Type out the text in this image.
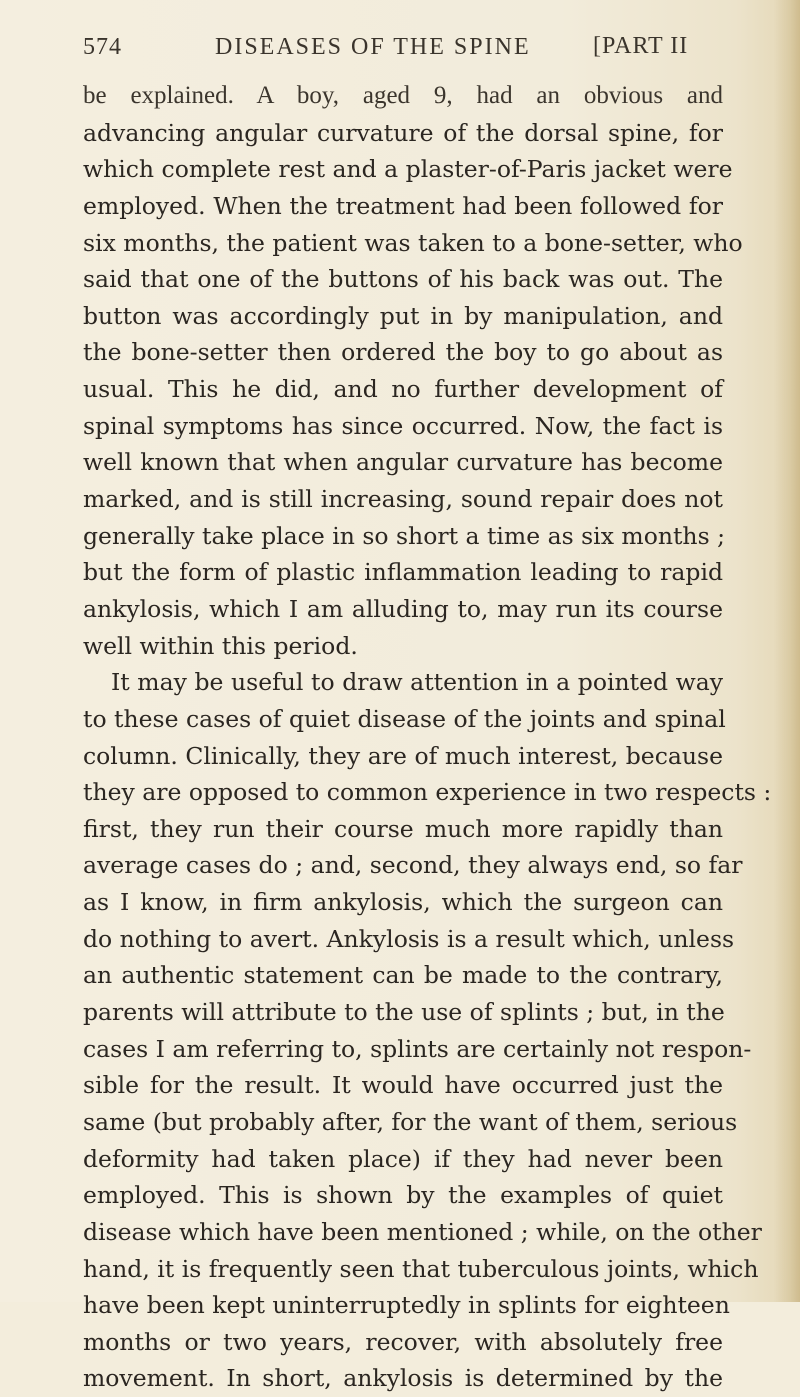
574	DISEASES OF THE SPINE	[PART II
be explained. A boy, aged 9, had an obvious and
advancing angular curvature of the dorsal spine, for
which complete rest and a plaster-of-Paris jacket were
employed. When the treatment had been followed for
six months, the patient was taken to a bone-setter, who
said that one of the buttons of his back was out. The
button was accordingly put in by manipulation, and
the bone-setter then ordered the boy to go about as
usual. This he did, and no further development of
spinal symptoms has since occurred. Now, the fact is
well known that when angular curvature has become
marked, and is still increasing, sound repair does not
generally take place in so short a time as six months ;
but the form of plastic inflammation leading to rapid
ankylosis, which I am alluding to, may run its course
well within this period.
It may be useful to draw attention in a pointed way
to these cases of quiet disease of the joints and spinal
column. Clinically, they are of much interest, because
they are opposed to common experience in two respects :
first, they run their course much more rapidly than
average cases do ; and, second, they always end, so far
as I know, in firm ankylosis, which the surgeon can
do nothing to avert. Ankylosis is a result which, unless
an authentic statement can be made to the contrary,
parents will attribute to the use of splints ; but, in the
cases I am referring to, splints are certainly not respon-
sible for the result. It would have occurred just the
same (but probably after, for the want of them, serious
deformity had taken place) if they had never been
employed. This is shown by the examples of quiet
disease which have been mentioned ; while, on the other
hand, it is frequently seen that tuberculous joints, which
have been kept uninterruptedly in splints for eighteen
months or two years, recover, with absolutely free
movement. In short, ankylosis is determined by the
